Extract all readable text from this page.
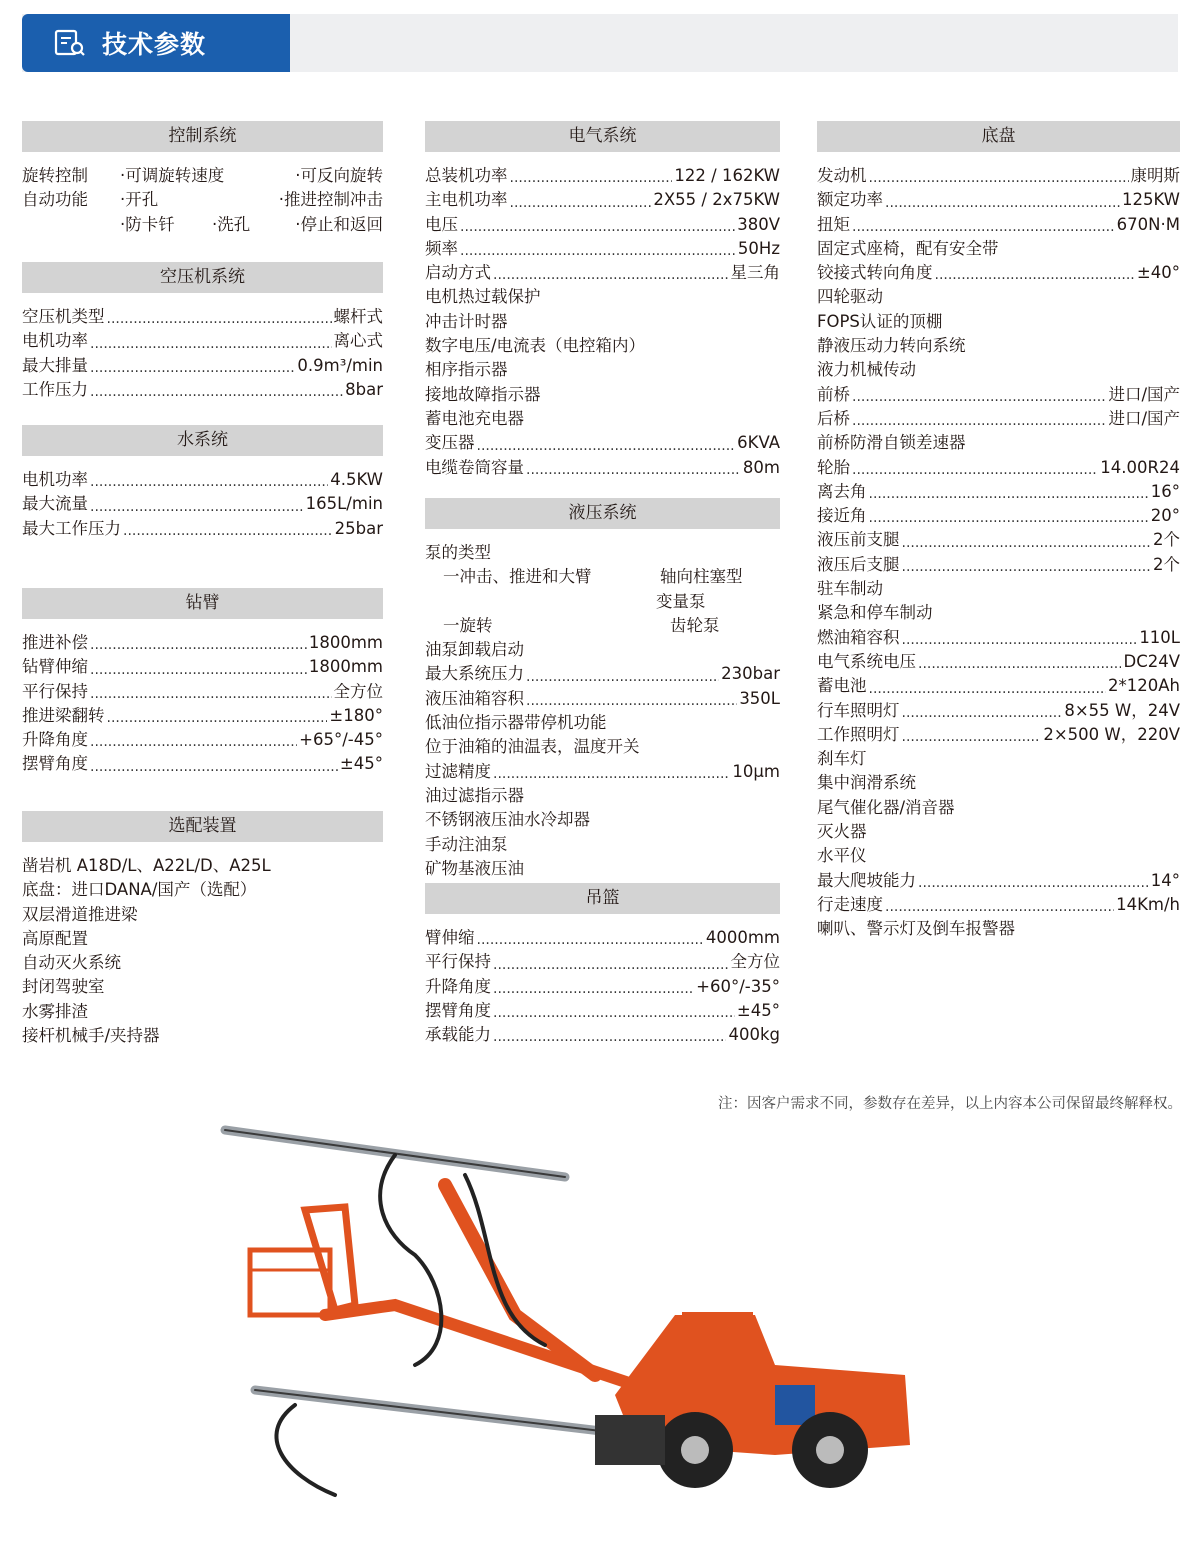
技术参数
控制系统
旋转控制 ·可调旋转速度	·可反向旋转
自动功能 ·开孔	·推进控制冲击
·防卡钎 ·洗孔	·停止和返回
空压机系统
空压机类型 .....	螺杆式
电机功率 .....	离心式
最大排量 .....	0.9m³/min
工作压力 .....	8bar
水系统
电机功率 .....	4.5KW
最大流量 .....	165L/min
最大工作压力 .....	25bar
钻臂
推进补偿 .....	1800mm
钻臂伸缩 .....	1800mm
平行保持 .....	全方位
推进梁翻转 .....	±180°
升降角度 .....	+65°/-45°
摆臂角度 .....	±45°
选配装置
凿岩机 A18D/L、A22L/D、A25L
底盘：进口DANA/国产（选配）
双层滑道推进梁
高原配置
自动灭火系统
封闭驾驶室
水雾排渣
接杆机械手/夹持器
电气系统
总装机功率 .....	122 / 162KW
主电机功率 .....	2X55 / 2x75KW
电压 .....	380V
频率 .....	50Hz
启动方式 .....	星三角
电机热过载保护
冲击计时器
数字电压/电流表（电控箱内）
相序指示器
接地故障指示器
蓄电池充电器
变压器 .....	6KVA
电缆卷筒容量 .....	80m
液压系统
泵的类型
一冲击、推进和大臂	轴向柱塞型
变量泵
一旋转	齿轮泵
油泵卸载启动
最大系统压力 .....	230bar
液压油箱容积 .....	350L
低油位指示器带停机功能
位于油箱的油温表，温度开关
过滤精度 .....	10μm
油过滤指示器
不锈钢液压油水冷却器
手动注油泵
矿物基液压油
吊篮
臂伸缩 .....	4000mm
平行保持 .....	全方位
升降角度 .....	+60°/-35°
摆臂角度 .....	±45°
承载能力 .....	400kg
底盘
发动机 .....	康明斯
额定功率 .....	125KW
扭矩 .....	670N·M
固定式座椅，配有安全带
铰接式转向角度 .....	±40°
四轮驱动
FOPS认证的顶棚
静液压动力转向系统
液力机械传动
前桥 .....	进口/国产
后桥 .....	进口/国产
前桥防滑自锁差速器
轮胎 .....	14.00R24
离去角 .....	16°
接近角 .....	20°
液压前支腿 .....	2个
液压后支腿 .....	2个
驻车制动
紧急和停车制动
燃油箱容积 .....	110L
电气系统电压 .....	DC24V
蓄电池 .....	2*120Ah
行车照明灯 .....	8×55 W，24V
工作照明灯 .....	2×500 W，220V
刹车灯
集中润滑系统
尾气催化器/消音器
灭火器
水平仪
最大爬坡能力 .....	14°
行走速度 .....	14Km/h
喇叭、警示灯及倒车报警器
注：因客户需求不同，参数存在差异，以上内容本公司保留最终解释权。
